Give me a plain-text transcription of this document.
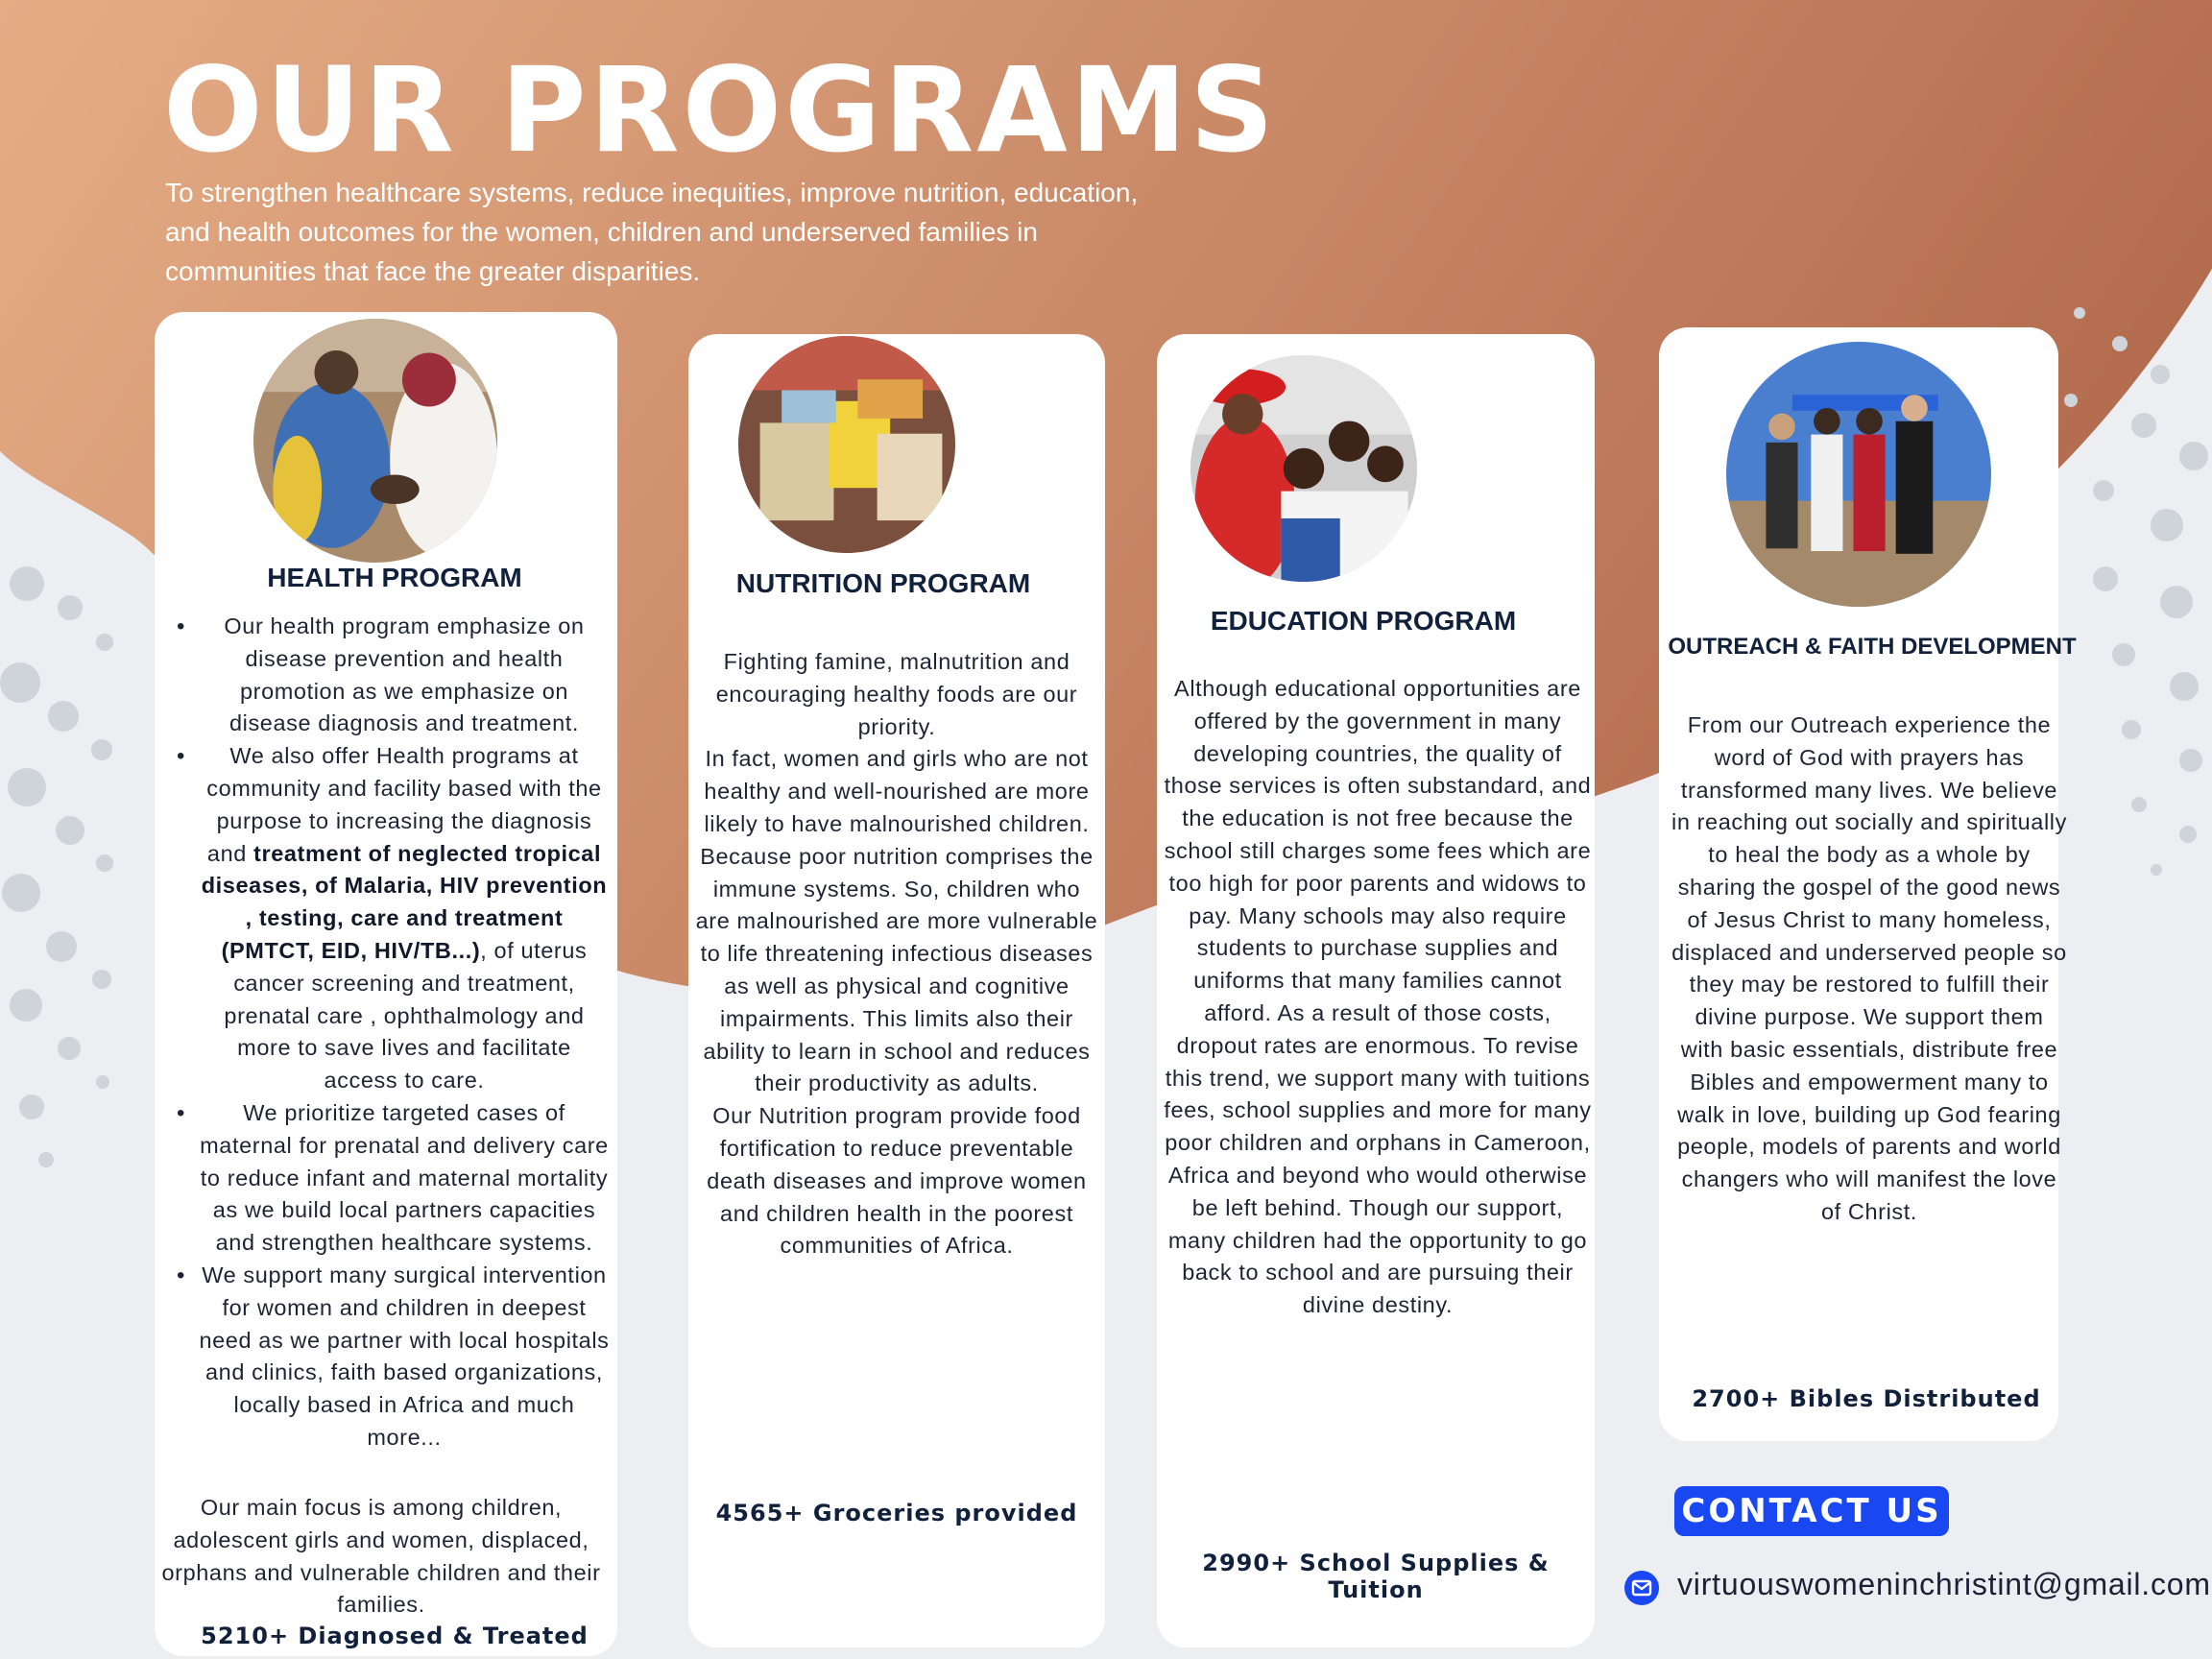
OUR PROGRAMS
To strengthen healthcare systems, reduce inequities, improve nutrition, education, and health outcomes for the women, children and underserved families in communities that face the greater disparities.
HEALTH PROGRAM
• Our health program emphasize on disease prevention and health promotion as we emphasize on disease diagnosis and treatment.
• We also offer Health programs at community and facility based with the purpose to increasing the diagnosis and treatment of neglected tropical diseases, of Malaria, HIV prevention , testing, care and treatment (PMTCT, EID, HIV/TB...), of uterus cancer screening and treatment, prenatal care , ophthalmology and more to save lives and facilitate access to care.
• We prioritize targeted cases of maternal for prenatal and delivery care to reduce infant and maternal mortality as we build local partners capacities and strengthen healthcare systems.
• We support many surgical intervention for women and children in deepest need as we partner with local hospitals and clinics, faith based organizations, locally based in Africa and much more...
Our main focus is among children, adolescent girls and women, displaced, orphans and vulnerable children and their families.
5210+ Diagnosed & Treated
NUTRITION PROGRAM

Fighting famine, malnutrition and encouraging healthy foods are our priority.

In fact, women and girls who are not healthy and well-nourished are more likely to have malnourished children. Because poor nutrition comprises the immune systems. So, children who are malnourished are more vulnerable to life threatening infectious diseases as well as physical and cognitive impairments. This limits also their ability to learn in school and reduces their productivity as adults.

Our Nutrition program provide food fortification to reduce preventable death diseases and improve women and children health in the poorest communities of Africa.

4565+ Groceries provided
EDUCATION PROGRAM
Although educational opportunities are offered by the government in many developing countries, the quality of those services is often substandard, and the education is not free because the school still charges some fees which are too high for poor parents and widows to pay. Many schools may also require students to purchase supplies and uniforms that many families cannot afford. As a result of those costs, dropout rates are enormous. To revise this trend, we support many with tuitions fees, school supplies and more for many poor children and orphans in Cameroon, Africa and beyond who would otherwise be left behind. Though our support, many children had the opportunity to go back to school and are pursuing their divine destiny.
2990+ School Supplies & Tuition
OUTREACH & FAITH DEVELOPMENT
From our Outreach experience the word of God with prayers has transformed many lives. We believe in reaching out socially and spiritually to heal the body as a whole by sharing the gospel of the good news of Jesus Christ to many homeless, displaced and underserved people so they may be restored to fulfill their divine purpose. We support them with basic essentials, distribute free Bibles and empowerment many to walk in love, building up God fearing people, models of parents and world changers who will manifest the love of Christ.
2700+ Bibles Distributed
CONTACT US
virtuouswomeninchristint@gmail.com
